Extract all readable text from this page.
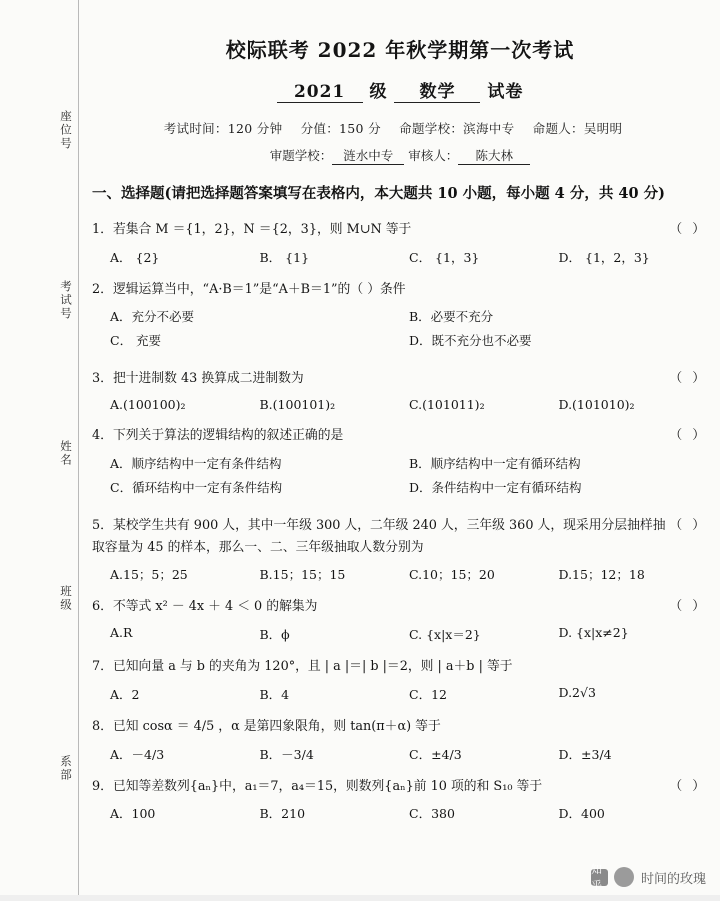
座位号
考试号
姓名
班级
系部
校际联考 2022 年秋学期第一次考试
2021 级 数学 试卷
考试时间：120 分钟 分值：150 分 命题学校：滨海中专 命题人：吴明明
审题学校： 涟水中专 审核人： 陈大林
一、选择题(请把选择题答案填写在表格内，本大题共 10 小题，每小题 4 分，共 40 分)
（ ）
1．若集合 M ＝{1，2}，N ＝{2，3}，则 M∪N 等于
A． {2}	B． {1}	C． {1，3}	D． {1，2，3}
2．逻辑运算当中，“A·B＝1”是“A＋B＝1”的（ ）条件
A．充分不必要	B．必要不充分
C． 充要	D．既不充分也不必要
（ ）
3．把十进制数 43 换算成二进制数为
A.(100100)₂	B.(100101)₂	C.(101011)₂	D.(101010)₂
（ ）
4．下列关于算法的逻辑结构的叙述正确的是
A．顺序结构中一定有条件结构	B．顺序结构中一定有循环结构
C．循环结构中一定有条件结构	D．条件结构中一定有循环结构
（ ）
5．某校学生共有 900 人，其中一年级 300 人，二年级 240 人，三年级 360 人，现采用分层抽样抽取容量为 45 的样本，那么一、二、三年级抽取人数分别为
A.15；5；25	B.15；15；15	C.10；15；20	D.15；12；18
（ ）
6．不等式 x² － 4x ＋ 4 ＜ 0 的解集为
A.R	B．ϕ	C. {x|x＝2}	D. {x|x≠2}
7．已知向量 a 与 b 的夹角为 120°，且 | a |＝| b |＝2，则 | a＋b | 等于
A．2	B．4	C．12	D.2√3
8．已知 cosα ＝ 4/5 ，α 是第四象限角，则 tan(π＋α) 等于
A．－4/3	B．－3/4	C．±4/3	D．±3/4
（ ）
9．已知等差数列{aₙ}中，a₁＝7，a₄＝15，则数列{aₙ}前 10 项的和 S₁₀ 等于
A．100	B．210	C．380	D．400
知乎
时间的玫瑰
